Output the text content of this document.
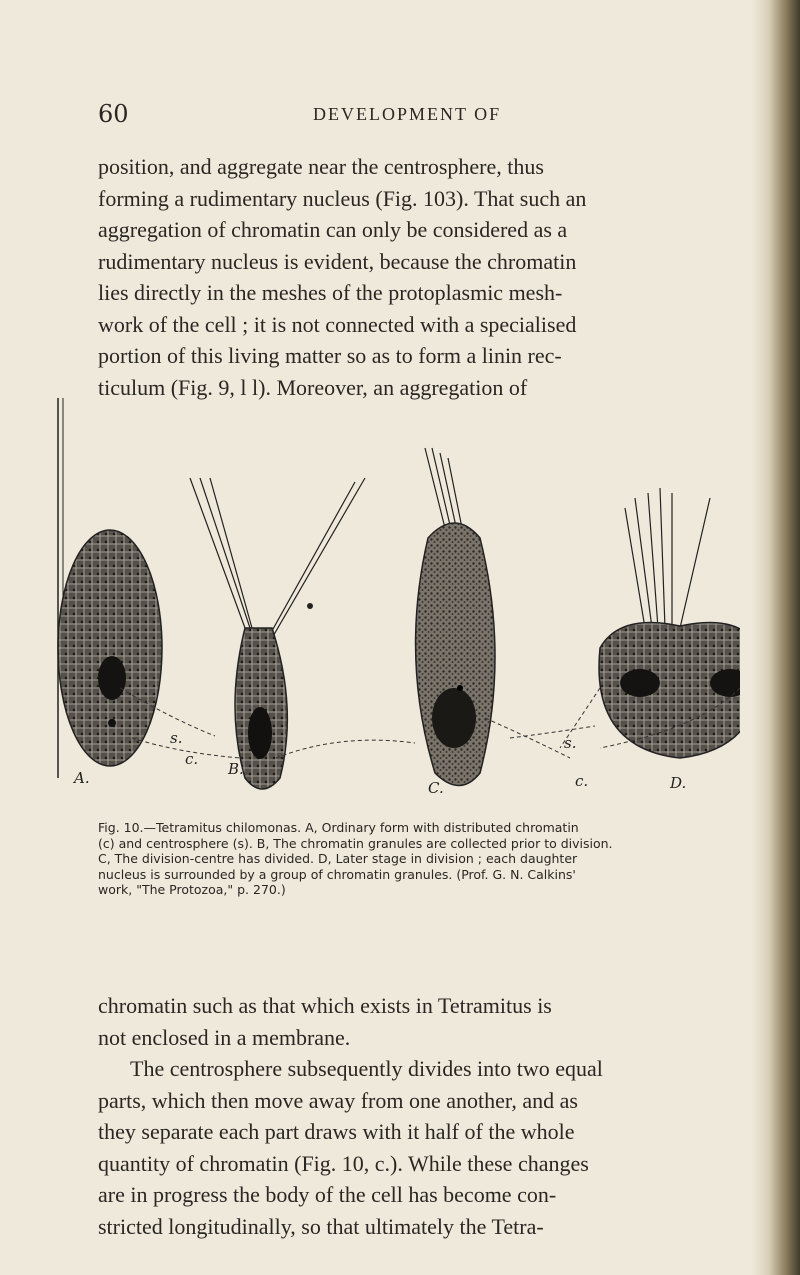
60	DEVELOPMENT OF
position, and aggregate near the centrosphere, thus
forming a rudimentary nucleus (Fig. 103). That such an
aggregation of chromatin can only be considered as a
rudimentary nucleus is evident, because the chromatin
lies directly in the meshes of the protoplasmic mesh-
work of the cell ; it is not connected with a specialised
portion of this living matter so as to form a linin rec-
ticulum (Fig. 9, l l). Moreover, an aggregation of
A.	B.
C.	D.
s.
c.
s.
c.
Fig. 10.—Tetramitus chilomonas. A, Ordinary form with distributed chromatin
(c) and centrosphere (s). B, The chromatin granules are collected prior to division.
C, The division-centre has divided. D, Later stage in division ; each daughter
nucleus is surrounded by a group of chromatin granules. (Prof. G. N. Calkins'
work, "The Protozoa," p. 270.)
chromatin such as that which exists in Tetramitus is
not enclosed in a membrane.
The centrosphere subsequently divides into two equal
parts, which then move away from one another, and as
they separate each part draws with it half of the whole
quantity of chromatin (Fig. 10, c.). While these changes
are in progress the body of the cell has become con-
stricted longitudinally, so that ultimately the Tetra-
